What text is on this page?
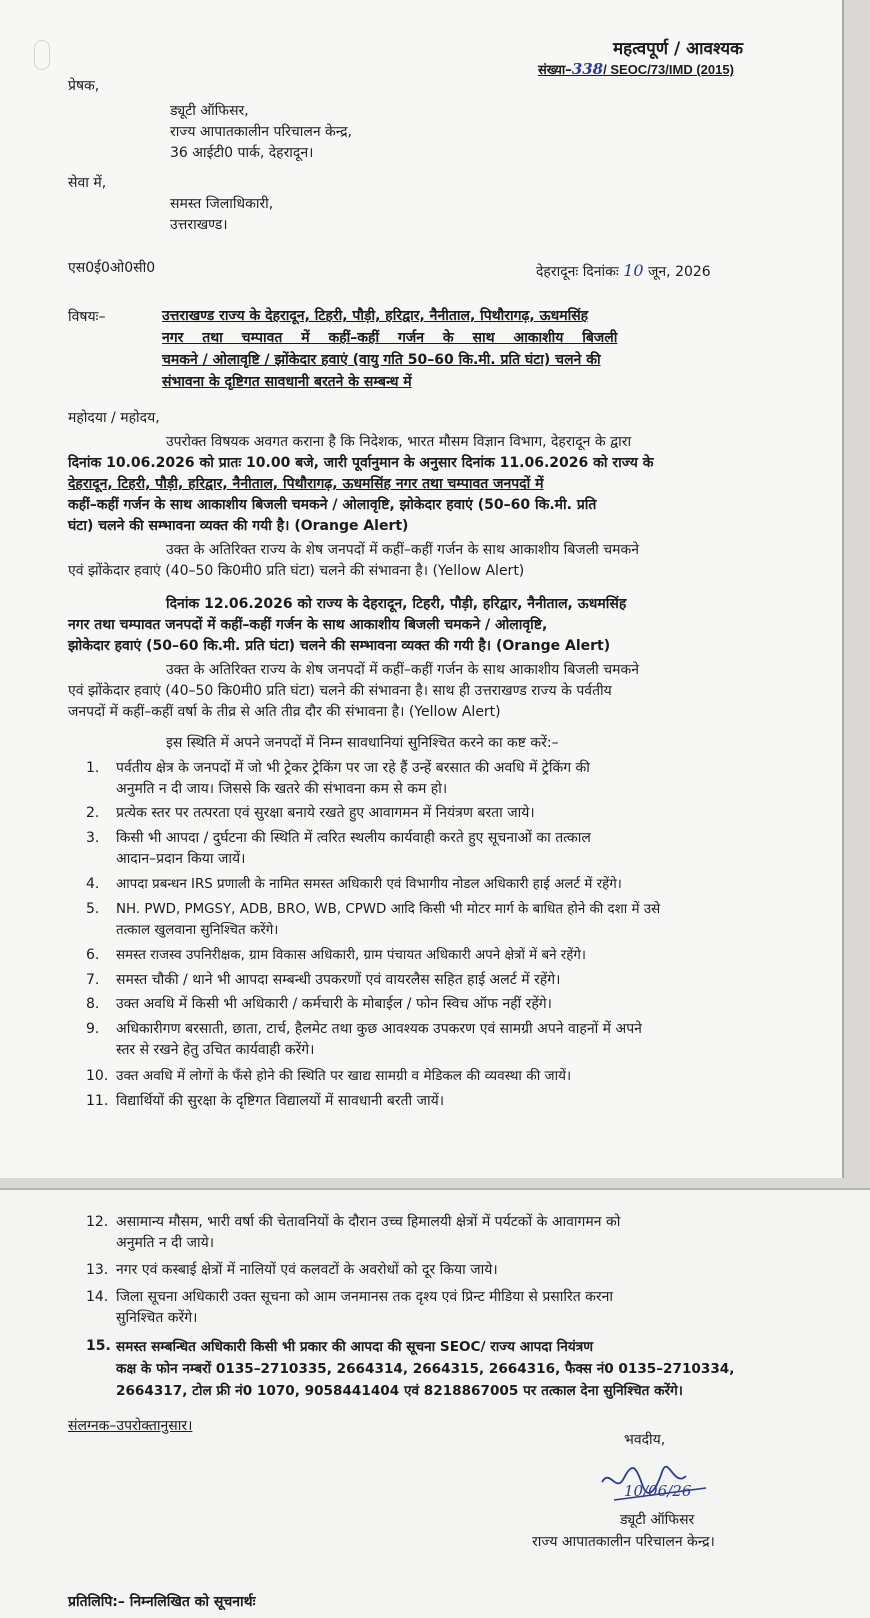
महत्वपूर्ण / आवश्यक
संख्या–338/ SEOC/73/IMD (2015)
प्रेषक,
ड्यूटी ऑफिसर,
राज्य आपातकालीन परिचालन केन्द्र,
36 आईटी0 पार्क, देहरादून।
सेवा में,
समस्त जिलाधिकारी,
उत्तराखण्ड।
एस0ई0ओ0सी0	देहरादूनः दिनांकः 10 जून, 2026
विषयः–	उत्तराखण्ड राज्य के देहरादून, टिहरी, पौड़ी, हरिद्वार, नैनीताल, पिथौरागढ़, ऊधमसिंह
नगर तथा चम्पावत में कहीं–कहीं गर्जन के साथ आकाशीय बिजली
चमकने / ओलावृष्टि / झोंकेदार हवाएं (वायु गति 50–60 कि.मी. प्रति घंटा) चलने की
संभावना के दृष्टिगत सावधानी बरतने के सम्बन्ध में
महोदया / महोदय,
उपरोक्त विषयक अवगत कराना है कि निदेशक, भारत मौसम विज्ञान विभाग, देहरादून के द्वारा
दिनांक 10.06.2026 को प्रातः 10.00 बजे, जारी पूर्वानुमान के अनुसार दिनांक 11.06.2026 को राज्य के
देहरादून, टिहरी, पौड़ी, हरिद्वार, नैनीताल, पिथौरागढ़, ऊधमसिंह नगर तथा चम्पावत जनपदों में
कहीं–कहीं गर्जन के साथ आकाशीय बिजली चमकने / ओलावृष्टि, झोकेदार हवाएं (50–60 कि.मी. प्रति
घंटा) चलने की सम्भावना व्यक्त की गयी है। (Orange Alert)
उक्त के अतिरिक्त राज्य के शेष जनपदों में कहीं–कहीं गर्जन के साथ आकाशीय बिजली चमकने
एवं झोंकेदार हवाएं (40–50 कि0मी0 प्रति घंटा) चलने की संभावना है। (Yellow Alert)
दिनांक 12.06.2026 को राज्य के देहरादून, टिहरी, पौड़ी, हरिद्वार, नैनीताल, ऊधमसिंह
नगर तथा चम्पावत जनपदों में कहीं–कहीं गर्जन के साथ आकाशीय बिजली चमकने / ओलावृष्टि,
झोकेदार हवाएं (50–60 कि.मी. प्रति घंटा) चलने की सम्भावना व्यक्त की गयी है। (Orange Alert)
उक्त के अतिरिक्त राज्य के शेष जनपदों में कहीं–कहीं गर्जन के साथ आकाशीय बिजली चमकने
एवं झोंकेदार हवाएं (40–50 कि0मी0 प्रति घंटा) चलने की संभावना है। साथ ही उत्तराखण्ड राज्य के पर्वतीय
जनपदों में कहीं–कहीं वर्षा के तीव्र से अति तीव्र दौर की संभावना है। (Yellow Alert)
इस स्थिति में अपने जनपदों में निम्न सावधानियां सुनिश्चित करने का कष्ट करें:–
1.	पर्वतीय क्षेत्र के जनपदों में जो भी ट्रेकर ट्रेकिंग पर जा रहे हैं उन्हें बरसात की अवधि में ट्रेकिंग की
अनुमति न दी जाय। जिससे कि खतरे की संभावना कम से कम हो।
2.	प्रत्येक स्तर पर तत्परता एवं सुरक्षा बनाये रखते हुए आवागमन में नियंत्रण बरता जाये।
3.	किसी भी आपदा / दुर्घटना की स्थिति में त्वरित स्थलीय कार्यवाही करते हुए सूचनाओं का तत्काल
आदान–प्रदान किया जायें।
4.	आपदा प्रबन्धन IRS प्रणाली के नामित समस्त अधिकारी एवं विभागीय नोडल अधिकारी हाई अलर्ट में रहेंगे।
5.	NH. PWD, PMGSY, ADB, BRO, WB, CPWD आदि किसी भी मोटर मार्ग के बाधित होने की दशा में उसे
तत्काल खुलवाना सुनिश्चित करेंगे।
6.	समस्त राजस्व उपनिरीक्षक, ग्राम विकास अधिकारी, ग्राम पंचायत अधिकारी अपने क्षेत्रों में बने रहेंगे।
7.	समस्त चौकी / थाने भी आपदा सम्बन्धी उपकरणों एवं वायरलैस सहित हाई अलर्ट में रहेंगे।
8.	उक्त अवधि में किसी भी अधिकारी / कर्मचारी के मोबाईल / फोन स्विच ऑफ नहीं रहेंगे।
9.	अधिकारीगण बरसाती, छाता, टार्च, हैलमेट तथा कुछ आवश्यक उपकरण एवं सामग्री अपने वाहनों में अपने
स्तर से रखने हेतु उचित कार्यवाही करेंगे।
10. उक्त अवधि में लोगों के फँसे होने की स्थिति पर खाद्य सामग्री व मेडिकल की व्यवस्था की जायें।
11. विद्यार्थियों की सुरक्षा के दृष्टिगत विद्यालयों में सावधानी बरती जायें।
12. असामान्य मौसम, भारी वर्षा की चेतावनियों के दौरान उच्च हिमालयी क्षेत्रों में पर्यटकों के आवागमन को
अनुमति न दी जाये।
13. नगर एवं कस्बाई क्षेत्रों में नालियों एवं कलवटों के अवरोधों को दूर किया जाये।
14. जिला सूचना अधिकारी उक्त सूचना को आम जनमानस तक दृश्य एवं प्रिन्ट मीडिया से प्रसारित करना
सुनिश्चित करेंगे।
15. समस्त सम्बन्धित अधिकारी किसी भी प्रकार की आपदा की सूचना SEOC/ राज्य आपदा नियंत्रण
कक्ष के फोन नम्बरों 0135–2710335, 2664314, 2664315, 2664316, फैक्स नं0 0135–2710334,
2664317, टोल फ्री नं0 1070, 9058441404 एवं 8218867005 पर तत्काल देना सुनिश्चित करेंगे।
संलग्नक–उपरोक्तानुसार।
भवदीय,
10/06/26
ड्यूटी ऑफिसर
राज्य आपातकालीन परिचालन केन्द्र।
प्रतिलिपि:– निम्नलिखित को सूचनार्थः
